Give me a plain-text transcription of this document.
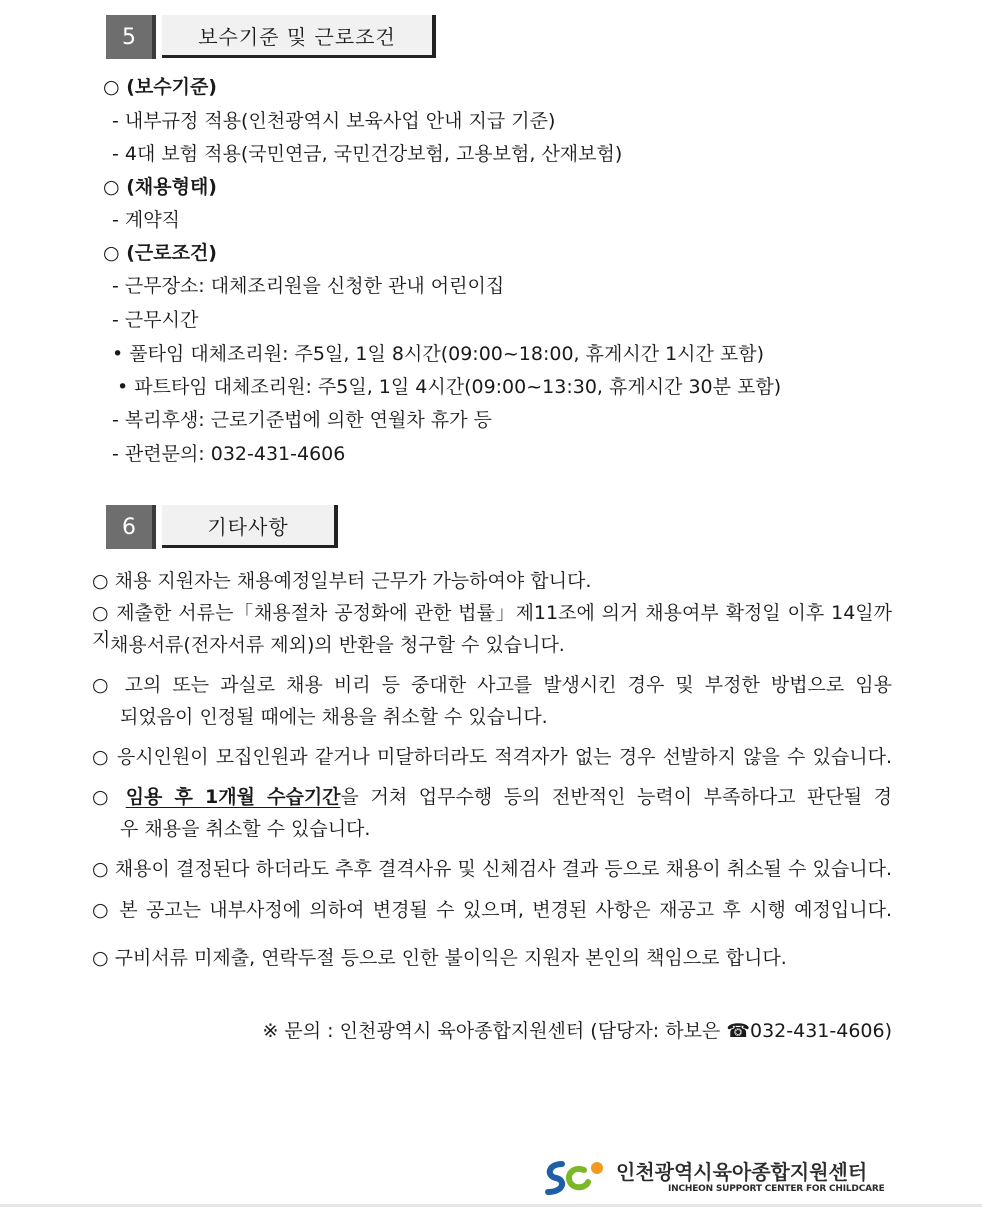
5	보수기준 및 근로조건
○ (보수기준)
- 내부규정 적용(인천광역시 보육사업 안내 지급 기준)
- 4대 보험 적용(국민연금, 국민건강보험, 고용보험, 산재보험)
○ (채용형태)
- 계약직
○ (근로조건)
- 근무장소: 대체조리원을 신청한 관내 어린이집
- 근무시간
• 풀타임 대체조리원: 주5일, 1일 8시간(09:00~18:00, 휴게시간 1시간 포함)
• 파트타임 대체조리원: 주5일, 1일 4시간(09:00~13:30, 휴게시간 30분 포함)
- 복리후생: 근로기준법에 의한 연월차 휴가 등
- 관련문의: 032-431-4606
6	기타사항
○ 채용 지원자는 채용예정일부터 근무가 가능하여야 합니다.
○ 제출한 서류는「채용절차 공정화에 관한 법률」제11조에 의거 채용여부 확정일 이후 14일까지 채용서류(전자서류 제외)의 반환을 청구할 수 있습니다.
○ 고의 또는 과실로 채용 비리 등 중대한 사고를 발생시킨 경우 및 부정한 방법으로 임용
되었음이 인정될 때에는 채용을 취소할 수 있습니다.
○ 응시인원이 모집인원과 같거나 미달하더라도 적격자가 없는 경우 선발하지 않을 수 있습니다.
○ 임용 후 1개월 수습기간을 거쳐 업무수행 등의 전반적인 능력이 부족하다고 판단될 경
우 채용을 취소할 수 있습니다.
○ 채용이 결정된다 하더라도 추후 결격사유 및 신체검사 결과 등으로 채용이 취소될 수 있습니다.
○ 본 공고는 내부사정에 의하여 변경될 수 있으며, 변경된 사항은 재공고 후 시행 예정입니다.
○ 구비서류 미제출, 연락두절 등으로 인한 불이익은 지원자 본인의 책임으로 합니다.
※ 문의 : 인천광역시 육아종합지원센터 (담당자: 하보은 ☎032-431-4606)
인천광역시육아종합지원센터
INCHEON SUPPORT CENTER FOR CHILDCARE
